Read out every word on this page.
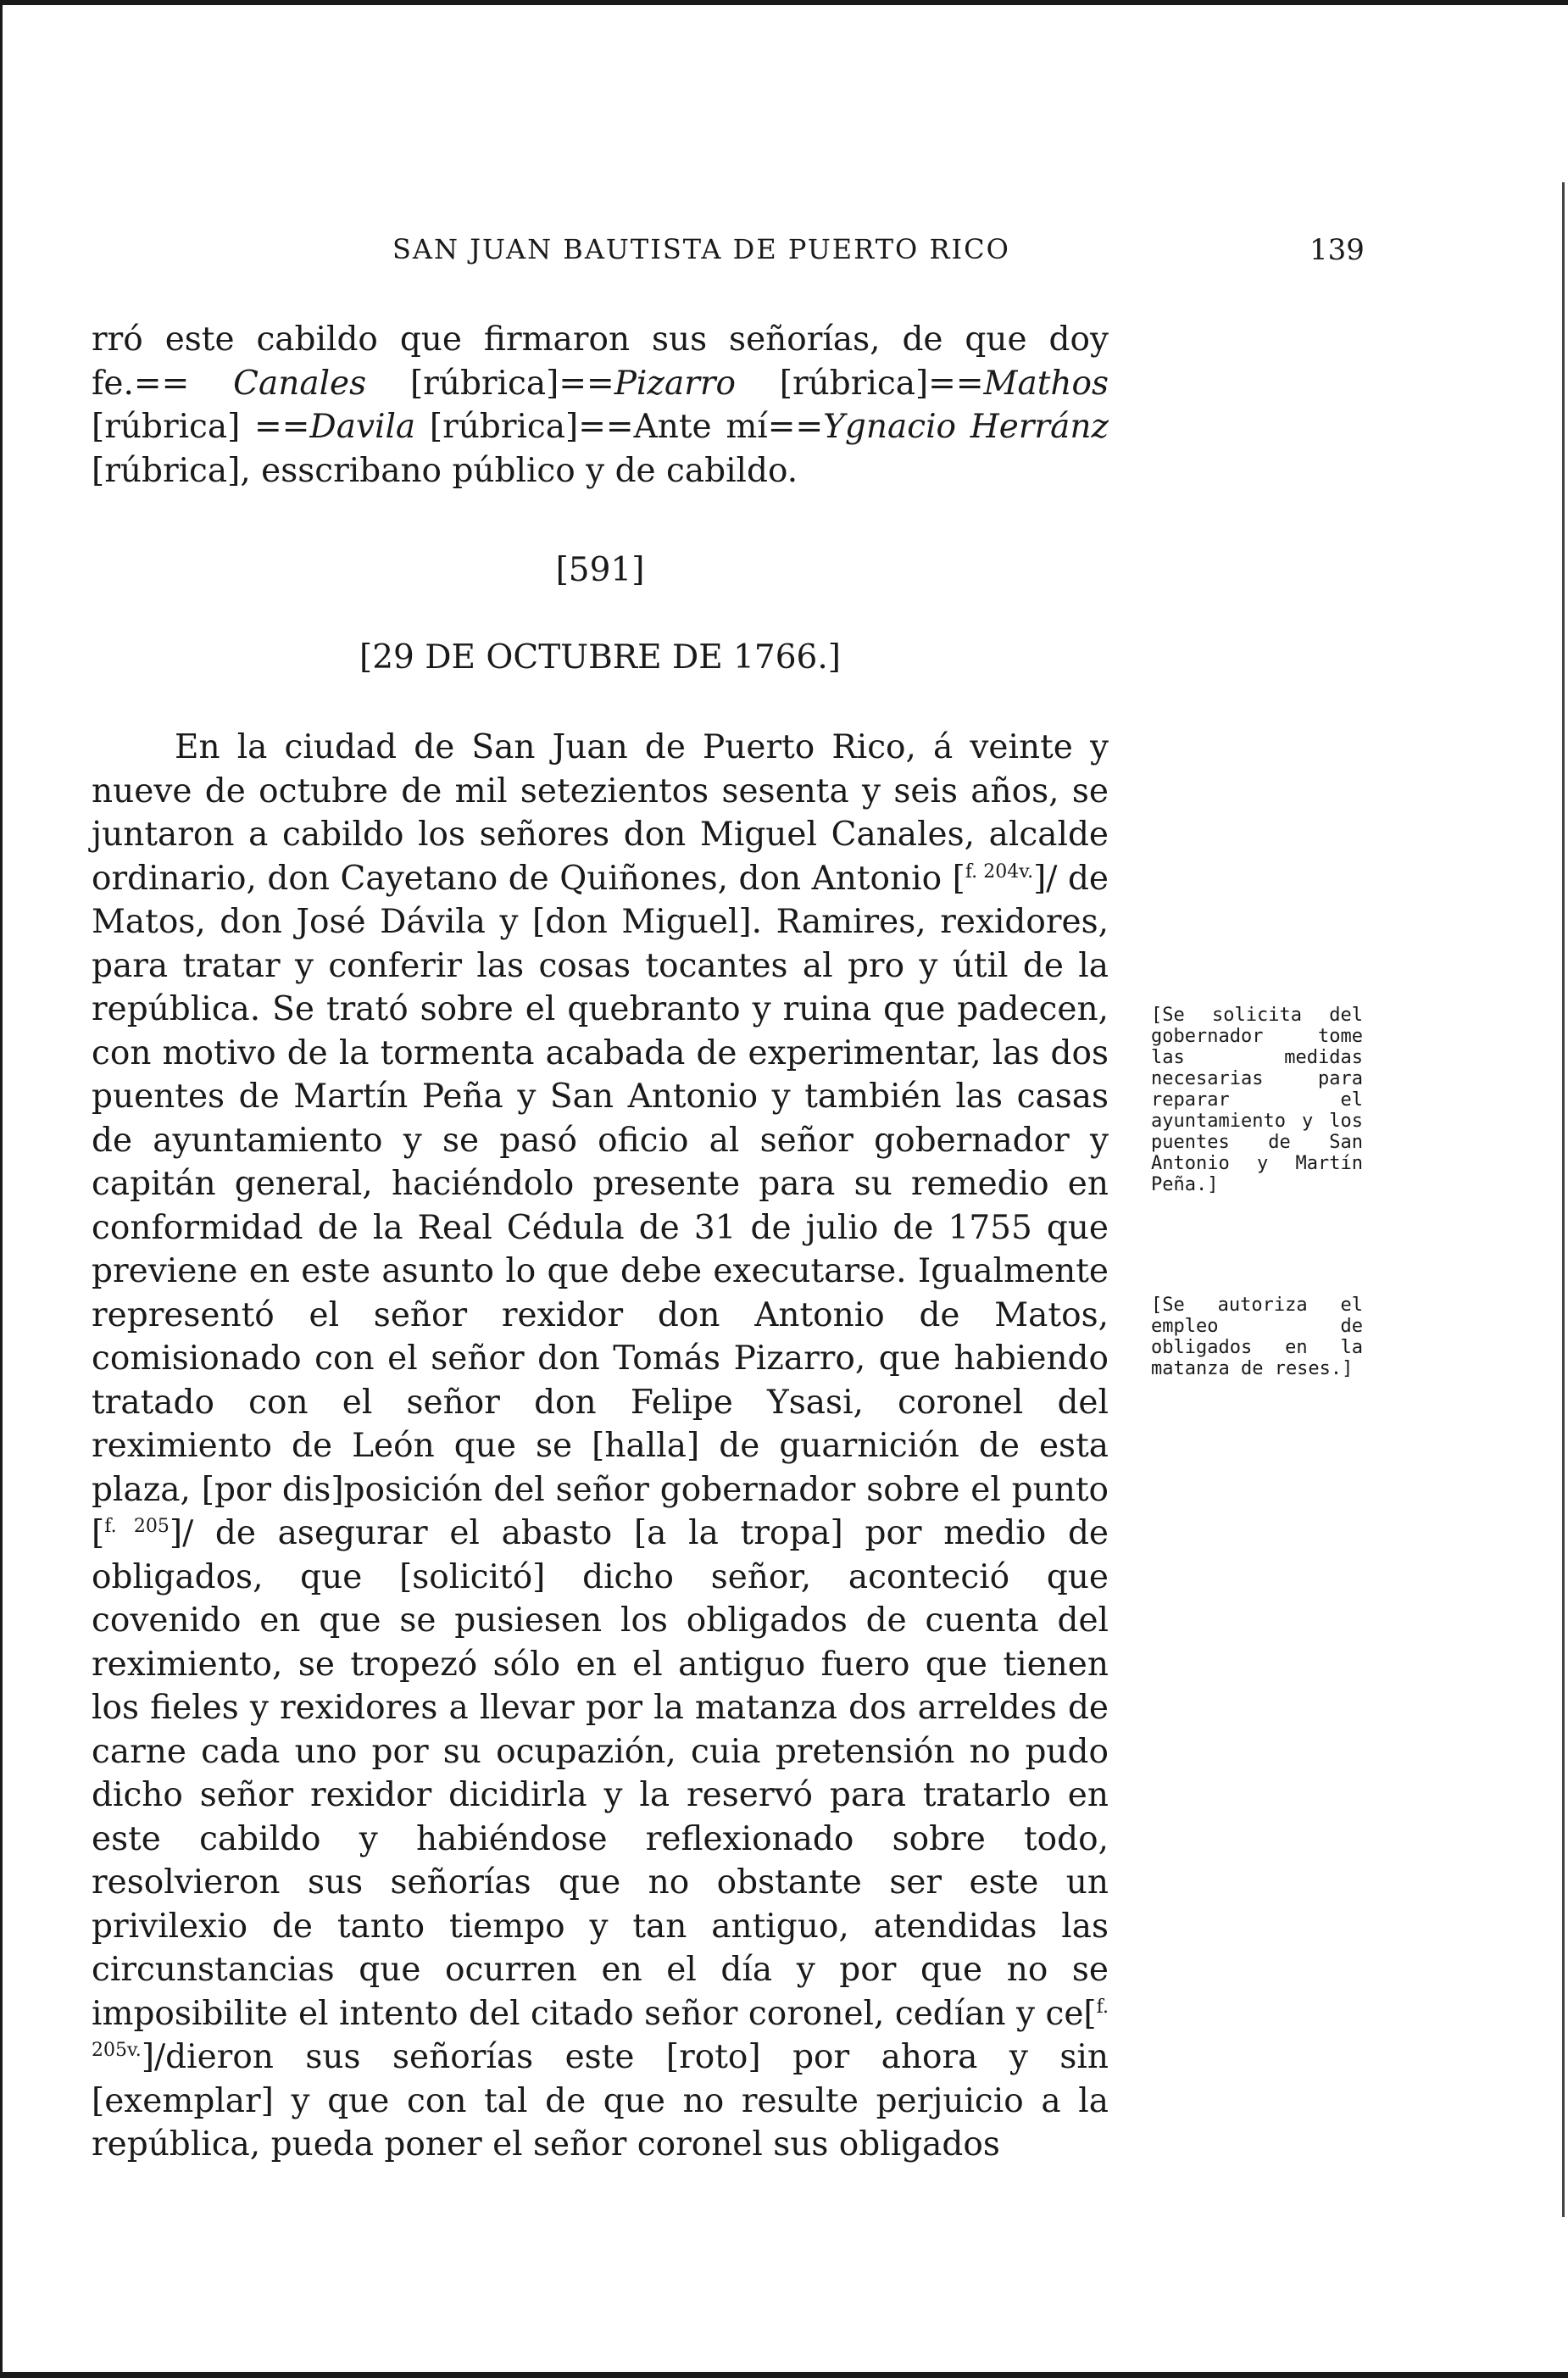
SAN JUAN BAUTISTA DE PUERTO RICO	139

rró este cabildo que firmaron sus señorías, de que doy fe.== Canales [rúbrica]==Pizarro [rúbrica]==Mathos [rúbrica] ==Davila [rúbrica]==Ante mí==Ygnacio Herránz [rúbrica], esscribano público y de cabildo.

[591]
[29 DE OCTUBRE DE 1766.]

En la ciudad de San Juan de Puerto Rico, á veinte y nueve de octubre de mil setezientos sesenta y seis años, se juntaron a cabildo los señores don Miguel Canales, alcalde ordinario, don Cayetano de Quiñones, don Antonio [$^{f. 204v.}$]/ de Matos, don José Dávila y [don Miguel]. Ramires, rexidores, para tratar y conferir las cosas tocantes al pro y útil de la república. Se trató sobre el quebranto y ruina que padecen, con motivo de la tormenta acabada de experimentar, las dos puentes de Martín Peña y San Antonio y también las casas de ayuntamiento y se pasó oficio al señor gobernador y capitán general, haciéndolo presente para su remedio en conformidad de la Real Cédula de 31 de julio de 1755 que previene en este asunto lo que debe executarse. Igualmente representó el señor rexidor don Antonio de Matos, comisionado con el señor don Tomás Pizarro, que habiendo tratado con el señor don Felipe Ysasi, coronel del reximiento de León que se [halla] de guarnición de esta plaza, [por dis]posición del señor gobernador sobre el punto [$^{f. 205}$]/ de asegurar el abasto [a la tropa] por medio de obligados, que [solicitó] dicho señor, aconteció que covenido en que se pusiesen los obligados de cuenta del reximiento, se tropezó sólo en el antiguo fuero que tienen los fieles y rexidores a llevar por la matanza dos arreldes de carne cada uno por su ocupazión, cuia pretensión no pudo dicho señor rexidor dicidirla y la reservó para tratarlo en este cabildo y habiéndose reflexionado sobre todo, resolvieron sus señorías que no obstante ser este un privilexio de tanto tiempo y tan antiguo, atendidas las circunstancias que ocurren en el día y por que no se imposibilite el intento del citado señor coronel, cedían y ce[$^{f. 205v.}$]/dieron sus señorías este [roto] por ahora y sin [exemplar] y que con tal de que no resulte perjuicio a la república, pueda poner el señor coronel sus obligados

[Se solicita del gobernador tome las medidas necesarias para reparar el ayuntamiento y los puentes de San Antonio y Martín Peña.]
[Se autoriza el empleo de obligados en la matanza de reses.]
